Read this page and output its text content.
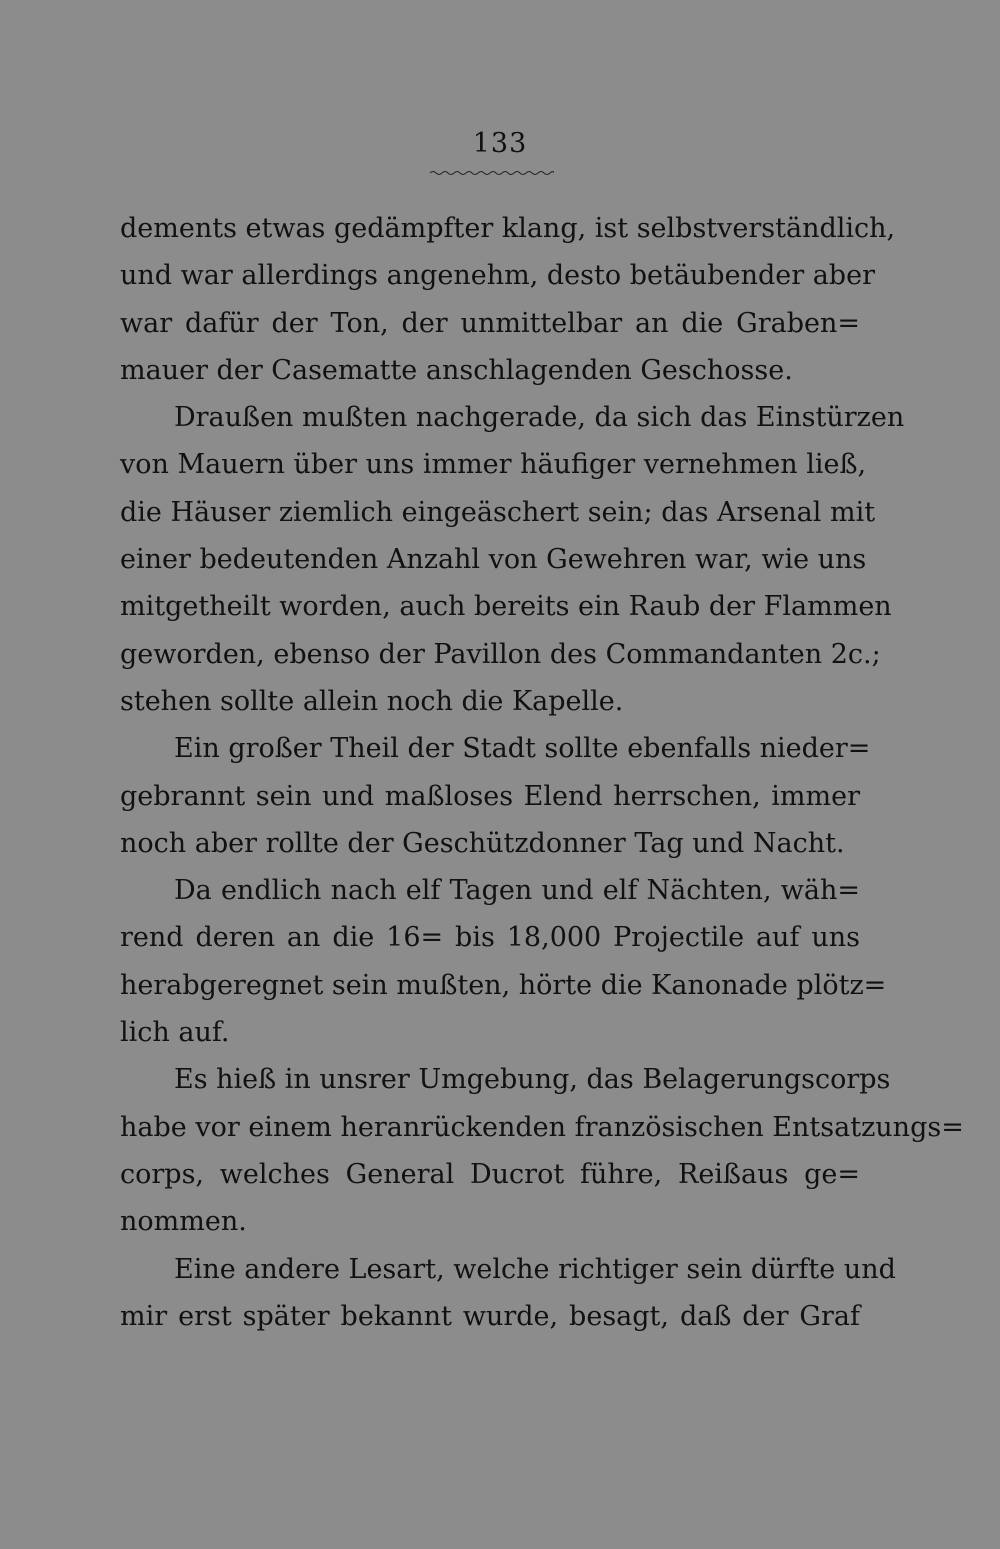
133
dements etwas gedämpfter klang, ist selbstverständlich,
und war allerdings angenehm, desto betäubender aber
war dafür der Ton, der unmittelbar an die Graben=
mauer der Casematte anschlagenden Geschosse.
Draußen mußten nachgerade, da sich das Einstürzen
von Mauern über uns immer häufiger vernehmen ließ,
die Häuser ziemlich eingeäschert sein; das Arsenal mit
einer bedeutenden Anzahl von Gewehren war, wie uns
mitgetheilt worden, auch bereits ein Raub der Flammen
geworden, ebenso der Pavillon des Commandanten 2c.;
stehen sollte allein noch die Kapelle.
Ein großer Theil der Stadt sollte ebenfalls nieder=
gebrannt sein und maßloses Elend herrschen, immer
noch aber rollte der Geschützdonner Tag und Nacht.
Da endlich nach elf Tagen und elf Nächten, wäh=
rend deren an die 16= bis 18,000 Projectile auf uns
herabgeregnet sein mußten, hörte die Kanonade plötz=
lich auf.
Es hieß in unsrer Umgebung, das Belagerungscorps
habe vor einem heranrückenden französischen Entsatzungs=
corps, welches General Ducrot führe, Reißaus ge=
nommen.
Eine andere Lesart, welche richtiger sein dürfte und
mir erst später bekannt wurde, besagt, daß der Graf
